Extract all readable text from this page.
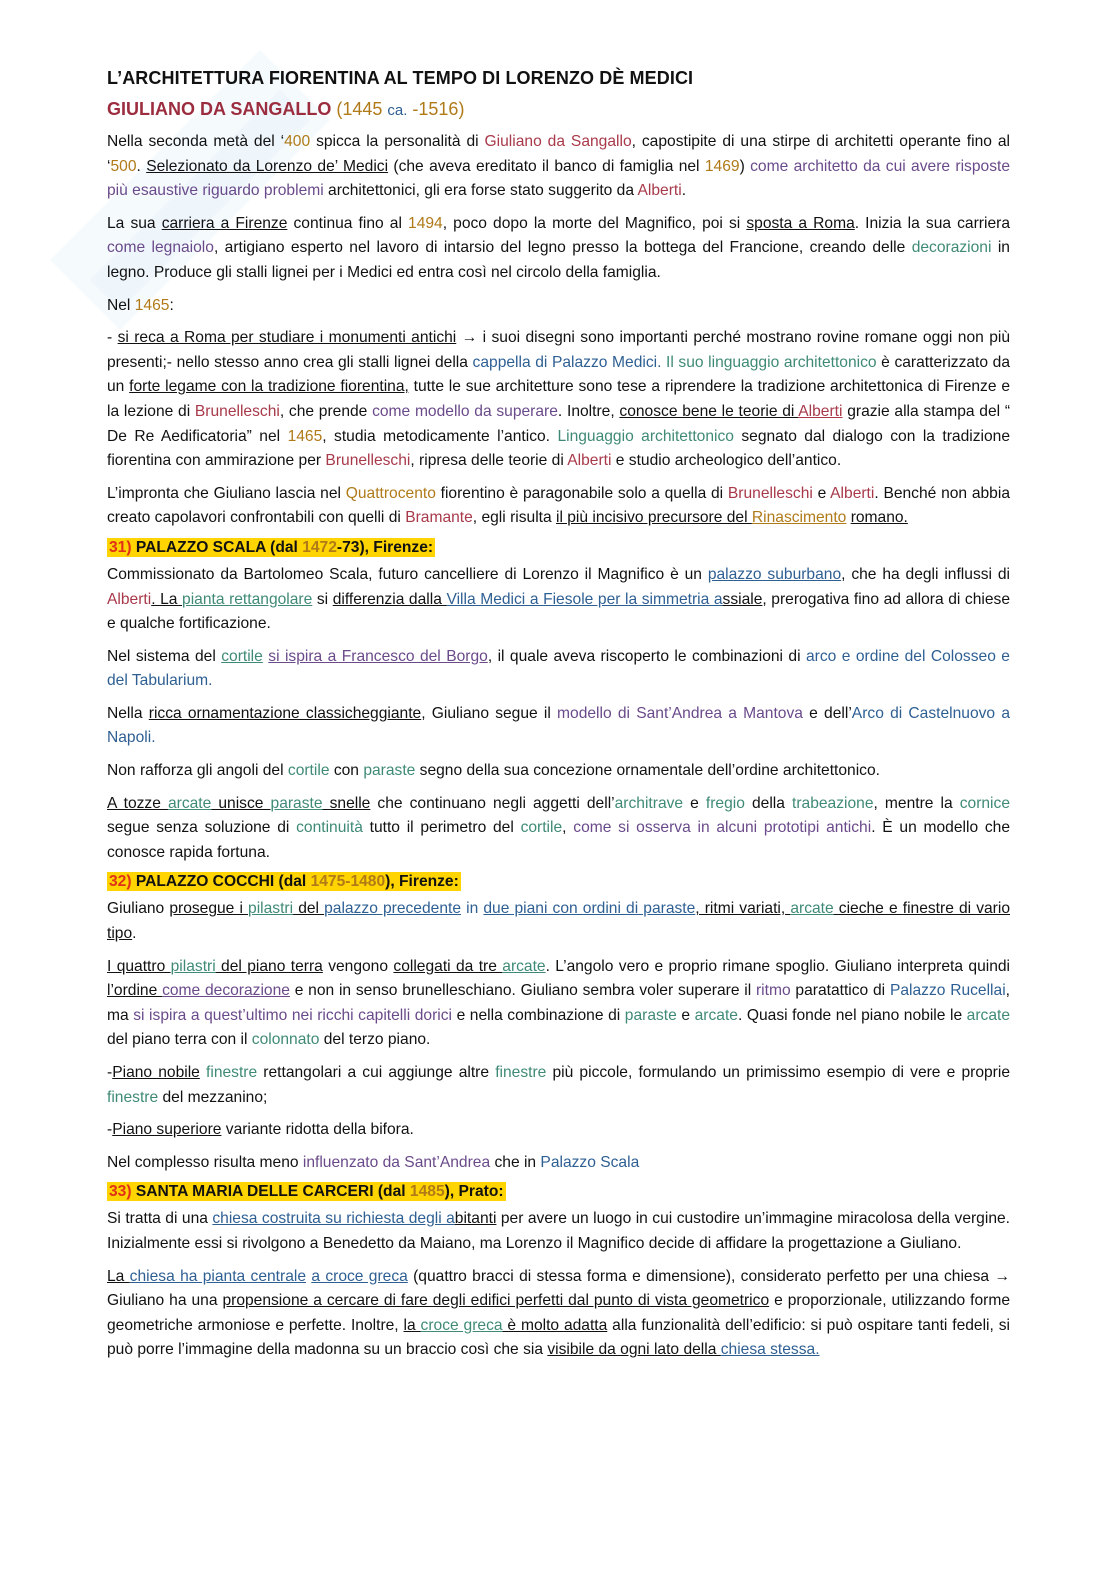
L’ARCHITETTURA FIORENTINA AL TEMPO DI LORENZO DÈ MEDICI
GIULIANO DA SANGALLO (1445 ca. -1516)
Nella seconda metà del ‘400 spicca la personalità di Giuliano da Sangallo, capostipite di una stirpe di architetti operante fino al ‘500. Selezionato da Lorenzo de’ Medici (che aveva ereditato il banco di famiglia nel 1469) come architetto da cui avere risposte più esaustive riguardo problemi architettonici, gli era forse stato suggerito da Alberti.
La sua carriera a Firenze continua fino al 1494, poco dopo la morte del Magnifico, poi si sposta a Roma. Inizia la sua carriera come legnaiolo, artigiano esperto nel lavoro di intarsio del legno presso la bottega del Francione, creando delle decorazioni in legno. Produce gli stalli lignei per i Medici ed entra così nel circolo della famiglia.
Nel 1465:
- si reca a Roma per studiare i monumenti antichi → i suoi disegni sono importanti perché mostrano rovine romane oggi non più presenti;- nello stesso anno crea gli stalli lignei della cappella di Palazzo Medici. Il suo linguaggio architettonico è caratterizzato da un forte legame con la tradizione fiorentina, tutte le sue architetture sono tese a riprendere la tradizione architettonica di Firenze e la lezione di Brunelleschi, che prende come modello da superare. Inoltre, conosce bene le teorie di Alberti grazie alla stampa del “ De Re Aedificatoria” nel 1465, studia metodicamente l’antico. Linguaggio architettonico segnato dal dialogo con la tradizione fiorentina con ammirazione per Brunelleschi, ripresa delle teorie di Alberti e studio archeologico dell’antico.
L’impronta che Giuliano lascia nel Quattrocento fiorentino è paragonabile solo a quella di Brunelleschi e Alberti. Benché non abbia creato capolavori confrontabili con quelli di Bramante, egli risulta il più incisivo precursore del Rinascimento romano.
31) PALAZZO SCALA (dal 1472-73), Firenze:
Commissionato da Bartolomeo Scala, futuro cancelliere di Lorenzo il Magnifico è un palazzo suburbano, che ha degli influssi di Alberti. La pianta rettangolare si differenzia dalla Villa Medici a Fiesole per la simmetria assiale, prerogativa fino ad allora di chiese e qualche fortificazione.
Nel sistema del cortile si ispira a Francesco del Borgo, il quale aveva riscoperto le combinazioni di arco e ordine del Colosseo e del Tabularium.
Nella ricca ornamentazione classicheggiante, Giuliano segue il modello di Sant’Andrea a Mantova e dell’Arco di Castelnuovo a Napoli.
Non rafforza gli angoli del cortile con paraste segno della sua concezione ornamentale dell’ordine architettonico.
A tozze arcate unisce paraste snelle che continuano negli aggetti dell’architrave e fregio della trabeazione, mentre la cornice segue senza soluzione di continuità tutto il perimetro del cortile, come si osserva in alcuni prototipi antichi. È un modello che conosce rapida fortuna.
32) PALAZZO COCCHI (dal 1475-1480), Firenze:
Giuliano prosegue i pilastri del palazzo precedente in due piani con ordini di paraste, ritmi variati, arcate cieche e finestre di vario tipo.
I quattro pilastri del piano terra vengono collegati da tre arcate. L’angolo vero e proprio rimane spoglio. Giuliano interpreta quindi l’ordine come decorazione e non in senso brunelleschiano. Giuliano sembra voler superare il ritmo paratattico di Palazzo Rucellai, ma si ispira a quest’ultimo nei ricchi capitelli dorici e nella combinazione di paraste e arcate. Quasi fonde nel piano nobile le arcate del piano terra con il colonnato del terzo piano.
-Piano nobile finestre rettangolari a cui aggiunge altre finestre più piccole, formulando un primissimo esempio di vere e proprie finestre del mezzanino;
-Piano superiore variante ridotta della bifora.
Nel complesso risulta meno influenzato da Sant’Andrea che in Palazzo Scala
33) SANTA MARIA DELLE CARCERI (dal 1485), Prato:
Si tratta di una chiesa costruita su richiesta degli abitanti per avere un luogo in cui custodire un’immagine miracolosa della vergine. Inizialmente essi si rivolgono a Benedetto da Maiano, ma Lorenzo il Magnifico decide di affidare la progettazione a Giuliano.
La chiesa ha pianta centrale a croce greca (quattro bracci di stessa forma e dimensione), considerato perfetto per una chiesa → Giuliano ha una propensione a cercare di fare degli edifici perfetti dal punto di vista geometrico e proporzionale, utilizzando forme geometriche armoniose e perfette. Inoltre, la croce greca è molto adatta alla funzionalità dell’edificio: si può ospitare tanti fedeli, si può porre l’immagine della madonna su un braccio così che sia visibile da ogni lato della chiesa stessa.
